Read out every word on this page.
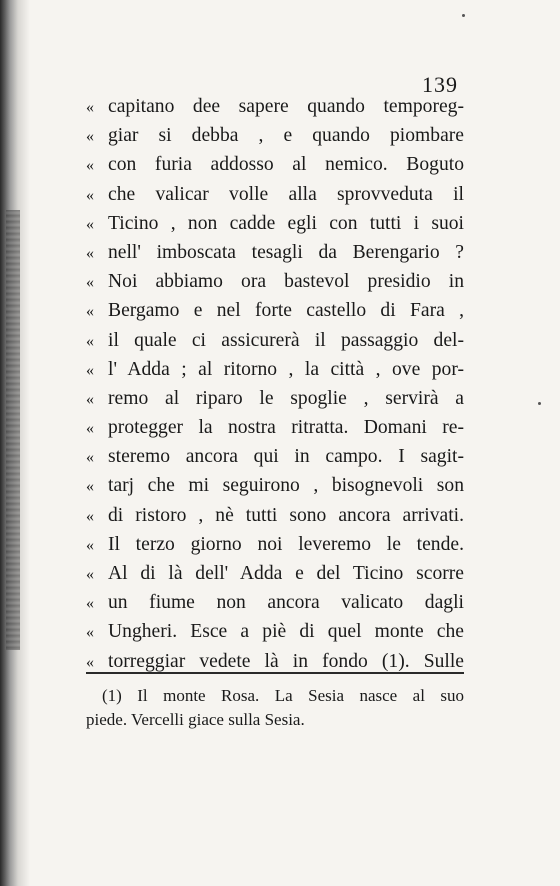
139
« capitano dee sapere quando temporeg-
« giar si debba , e quando piombare
« con furia addosso al nemico. Boguto
« che valicar volle alla sprovveduta il
« Ticino , non cadde egli con tutti i suoi
« nell' imboscata tesagli da Berengario ?
« Noi abbiamo ora bastevol presidio in
« Bergamo e nel forte castello di Fara ,
« il quale ci assicurerà il passaggio del-
« l' Adda ; al ritorno , la città , ove por-
« remo al riparo le spoglie , servirà a
« protegger la nostra ritratta. Domani re-
« steremo ancora qui in campo. I sagit-
« tarj che mi seguirono , bisognevoli son
« di ristoro , nè tutti sono ancora arrivati.
« Il terzo giorno noi leveremo le tende.
« Al di là dell' Adda e del Ticino scorre
« un fiume non ancora valicato dagli
« Ungheri. Esce a piè di quel monte che
« torreggiar vedete là in fondo (1). Sulle
(1) Il monte Rosa. La Sesia nasce al suo
piede. Vercelli giace sulla Sesia.
